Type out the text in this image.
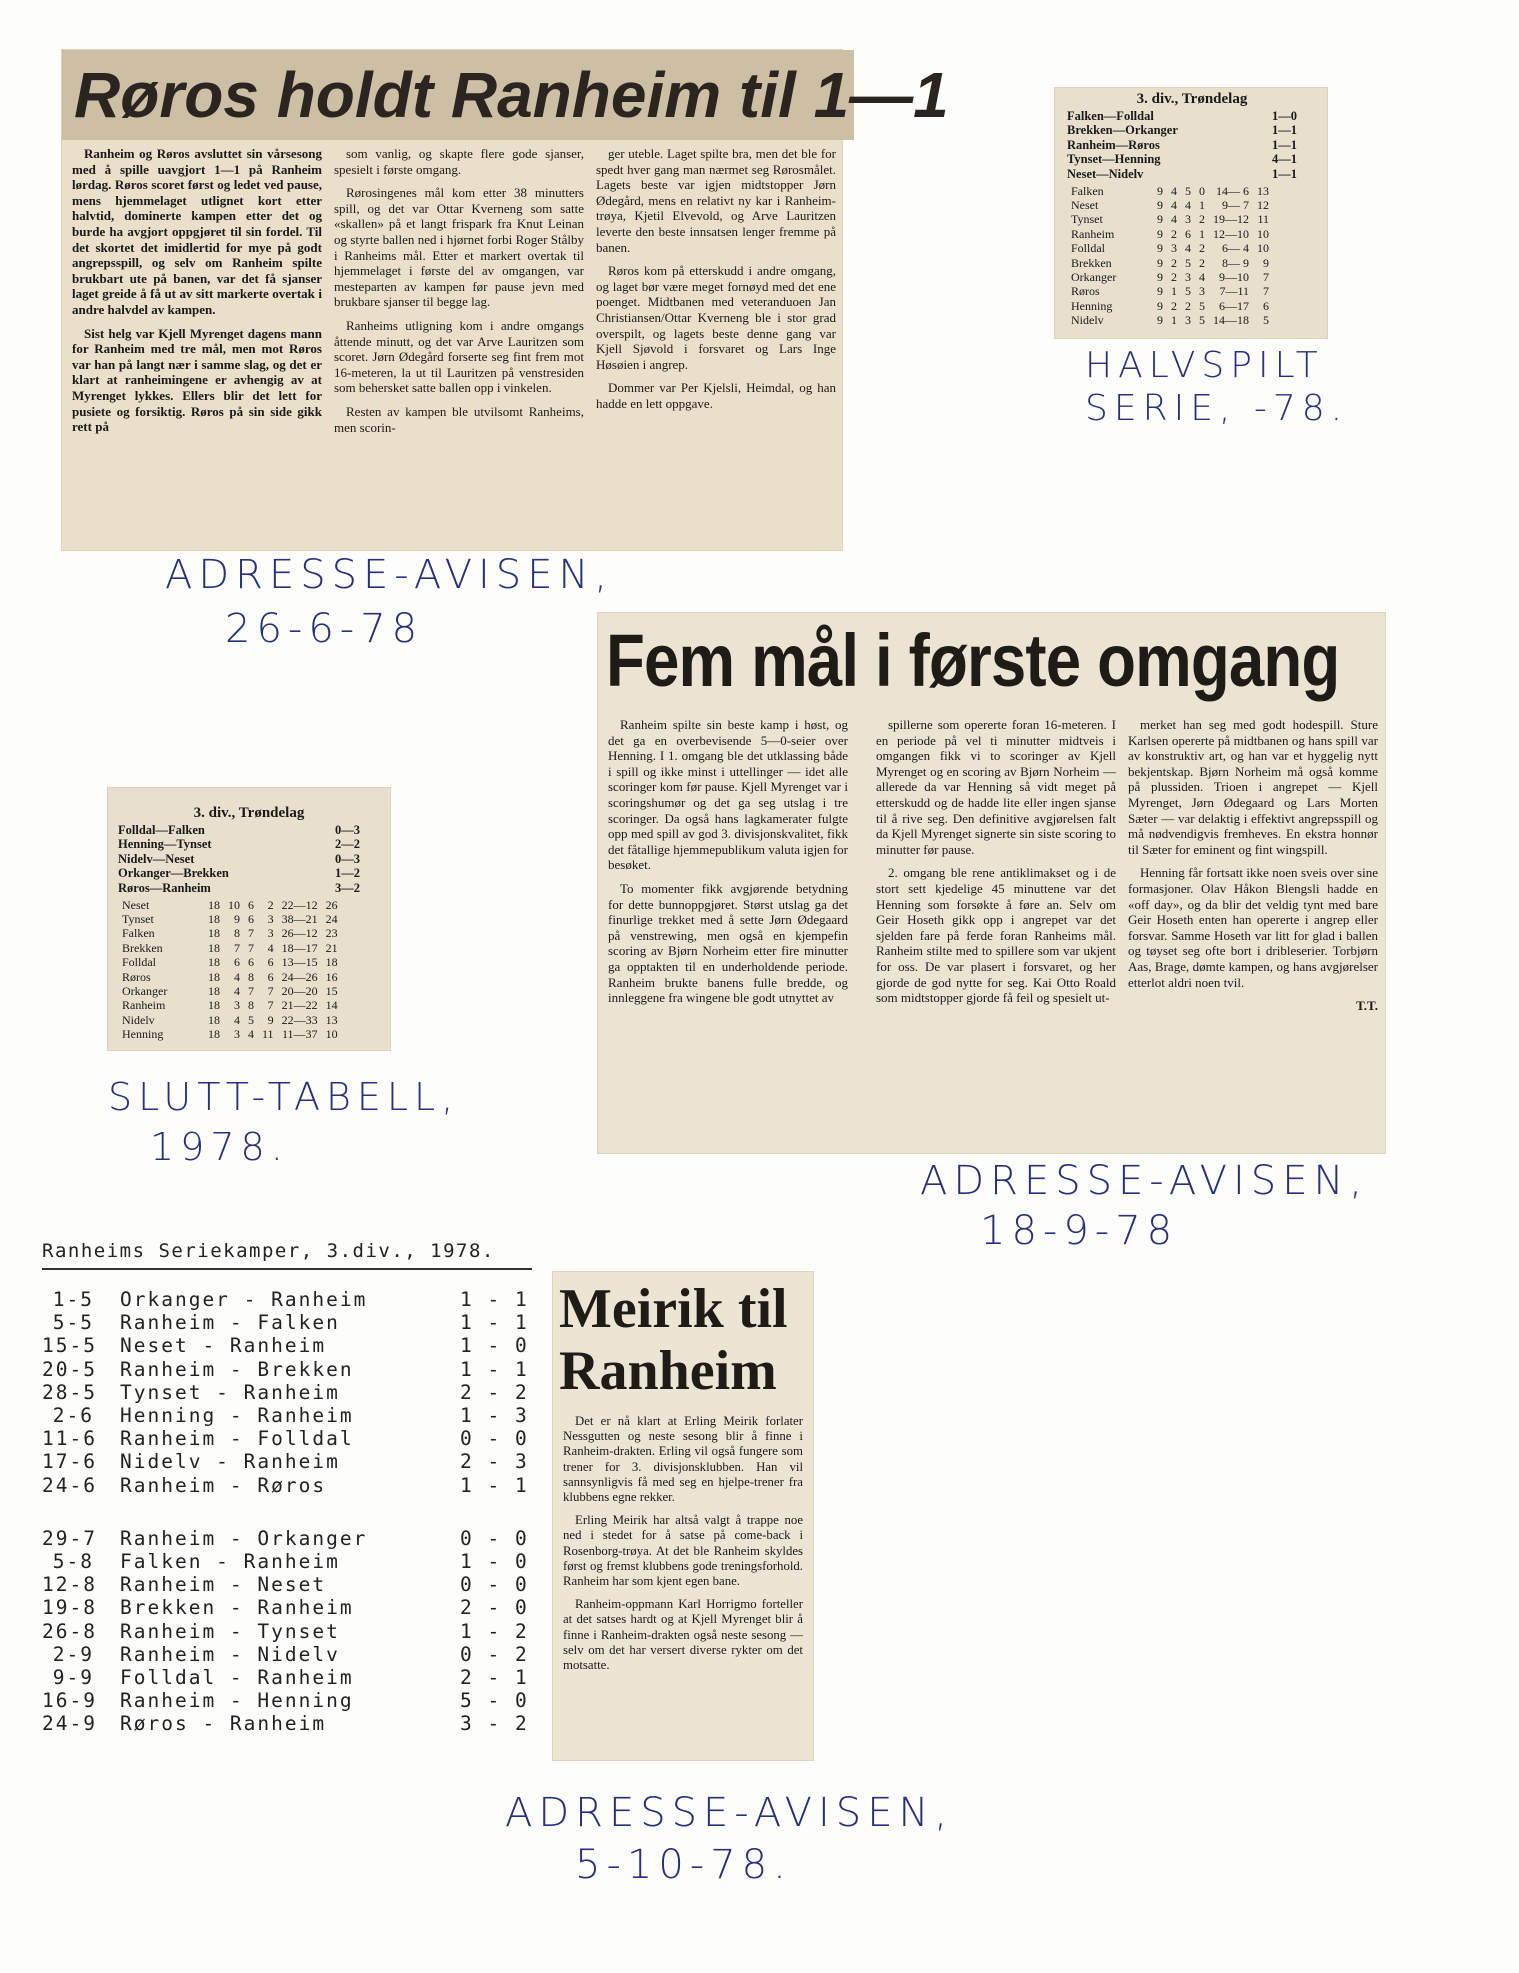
Røros holdt Ranheim til 1—1

Ranheim og Røros avsluttet sin vårsesong med å spille uavgjort 1—1 på Ranheim lørdag. Røros scoret først og ledet ved pause, mens hjemmelaget utlignet kort etter halvtid, dominerte kampen etter det og burde ha avgjort oppgjøret til sin fordel. Til det skortet det imidlertid for mye på godt angrepsspill, og selv om Ranheim spilte brukbart ute på banen, var det få sjanser laget greide å få ut av sitt markerte overtak i andre halvdel av kampen.

Sist helg var Kjell Myrenget dagens mann for Ranheim med tre mål, men mot Røros var han på langt nær i samme slag, og det er klart at ranheimingene er avhengig av at Myrenget lykkes. Ellers blir det lett for pusiete og forsiktig. Røros på sin side gikk rett på

som vanlig, og skapte flere gode sjanser, spesielt i første omgang.

Rørosingenes mål kom etter 38 minutters spill, og det var Ottar Kverneng som satte «skallen» på et langt frispark fra Knut Leinan og styrte ballen ned i hjørnet forbi Roger Stålby i Ranheims mål. Etter et markert overtak til hjemmelaget i første del av omgangen, var mesteparten av kampen før pause jevn med brukbare sjanser til begge lag.

Ranheims utligning kom i andre omgangs åttende minutt, og det var Arve Lauritzen som scoret. Jørn Ødegård forserte seg fint frem mot 16-meteren, la ut til Lauritzen på venstresiden som behersket satte ballen opp i vinkelen.

Resten av kampen ble utvilsomt Ranheims, men scorin-

ger uteble. Laget spilte bra, men det ble for spedt hver gang man nærmet seg Rørosmålet. Lagets beste var igjen midtstopper Jørn Ødegård, mens en relativt ny kar i Ranheim-trøya, Kjetil Elvevold, og Arve Lauritzen leverte den beste innsatsen lenger fremme på banen.

Røros kom på etterskudd i andre omgang, og laget bør være meget fornøyd med det ene poenget. Midtbanen med veteranduoen Jan Christiansen/Ottar Kverneng ble i stor grad overspilt, og lagets beste denne gang var Kjell Sjøvold i forsvaret og Lars Inge Høsøien i angrep.

Dommer var Per Kjelsli, Heimdal, og han hadde en lett oppgave.

ADRESSE-AVISEN,
26-6-78
3. div., Trøndelag
Falken—Folldal	1—0
Brekken—Orkanger	1—1
Ranheim—Røros	1—1
Tynset—Henning	4—1
Neset—Nidelv	1—1
Falken	9	4	5	0	14— 6	13
Neset	9	4	4	1	9— 7	12
Tynset	9	4	3	2	19—12	11
Ranheim	9	2	6	1	12—10	10
Folldal	9	3	4	2	6— 4	10
Brekken	9	2	5	2	8— 9	9
Orkanger	9	2	3	4	9—10	7
Røros	9	1	5	3	7—11	7
Henning	9	2	2	5	6—17	6
Nidelv	9	1	3	5	14—18	5
HALVSPILT
SERIE, -78.
Fem mål i første omgang

Ranheim spilte sin beste kamp i høst, og det ga en overbevisende 5—0-seier over Henning. I 1. omgang ble det utklassing både i spill og ikke minst i uttellinger — idet alle scoringer kom før pause. Kjell Myrenget var i scoringshumør og det ga seg utslag i tre scoringer. Da også hans lagkamerater fulgte opp med spill av god 3. divisjonskvalitet, fikk det fåtallige hjemmepublikum valuta igjen for besøket.

To momenter fikk avgjørende betydning for dette bunnoppgjøret. Størst utslag ga det finurlige trekket med å sette Jørn Ødegaard på venstrewing, men også en kjempefin scoring av Bjørn Norheim etter fire minutter ga opptakten til en underholdende periode. Ranheim brukte banens fulle bredde, og innleggene fra wingene ble godt utnyttet av

spillerne som opererte foran 16-meteren. I en periode på vel ti minutter midtveis i omgangen fikk vi to scoringer av Kjell Myrenget og en scoring av Bjørn Norheim — allerede da var Henning så vidt meget på etterskudd og de hadde lite eller ingen sjanse til å rive seg. Den definitive avgjørelsen falt da Kjell Myrenget signerte sin siste scoring to minutter før pause.

2. omgang ble rene antiklimakset og i de stort sett kjedelige 45 minuttene var det Henning som forsøkte å føre an. Selv om Geir Hoseth gikk opp i angrepet var det sjelden fare på ferde foran Ranheims mål. Ranheim stilte med to spillere som var ukjent for oss. De var plasert i forsvaret, og her gjorde de god nytte for seg. Kai Otto Roald som midtstopper gjorde få feil og spesielt ut-

merket han seg med godt hodespill. Sture Karlsen opererte på midtbanen og hans spill var av konstruktiv art, og han var et hyggelig nytt bekjentskap. Bjørn Norheim må også komme på plussiden. Trioen i angrepet — Kjell Myrenget, Jørn Ødegaard og Lars Morten Sæter — var delaktig i effektivt angrepsspill og må nødvendigvis fremheves. En ekstra honnør til Sæter for eminent og fint wingspill.

Henning får fortsatt ikke noen sveis over sine formasjoner. Olav Håkon Blengsli hadde en «off day», og da blir det veldig tynt med bare Geir Hoseth enten han opererte i angrep eller forsvar. Samme Hoseth var litt for glad i ballen og tøyset seg ofte bort i dribleserier. Torbjørn Aas, Brage, dømte kampen, og hans avgjørelser etterlot aldri noen tvil.

T.T.
ADRESSE-AVISEN,
18-9-78
3. div., Trøndelag
Folldal—Falken	0—3
Henning—Tynset	2—2
Nidelv—Neset	0—3
Orkanger—Brekken	1—2
Røros—Ranheim	3—2
Neset	18	10	6	2	22—12	26
Tynset	18	9	6	3	38—21	24
Falken	18	8	7	3	26—12	23
Brekken	18	7	7	4	18—17	21
Folldal	18	6	6	6	13—15	18
Røros	18	4	8	6	24—26	16
Orkanger	18	4	7	7	20—20	15
Ranheim	18	3	8	7	21—22	14
Nidelv	18	4	5	9	22—33	13
Henning	18	3	4	11	11—37	10
SLUTT-TABELL,
1978.
Ranheims Seriekamper, 3.div., 1978.
1-5 Orkanger - Ranheim	1 - 1
5-5 Ranheim - Falken	1 - 1
15-5 Neset - Ranheim	1 - 0
20-5 Ranheim - Brekken	1 - 1
28-5 Tynset - Ranheim	2 - 2
2-6 Henning - Ranheim	1 - 3
11-6 Ranheim - Folldal	0 - 0
17-6 Nidelv - Ranheim	2 - 3
24-6 Ranheim - Røros	1 - 1
29-7 Ranheim - Orkanger	0 - 0
5-8 Falken - Ranheim	1 - 0
12-8 Ranheim - Neset	0 - 0
19-8 Brekken - Ranheim	2 - 0
26-8 Ranheim - Tynset	1 - 2
2-9 Ranheim - Nidelv	0 - 2
9-9 Folldal - Ranheim	2 - 1
16-9 Ranheim - Henning	5 - 0
24-9 Røros - Ranheim	3 - 2
Meirik til
Ranheim

Det er nå klart at Erling Meirik forlater Nessgutten og neste sesong blir å finne i Ranheim-drakten. Erling vil også fungere som trener for 3. divisjonsklubben. Han vil sannsynligvis få med seg en hjelpe-trener fra klubbens egne rekker.

Erling Meirik har altså valgt å trappe noe ned i stedet for å satse på come-back i Rosenborg-trøya. At det ble Ranheim skyldes først og fremst klubbens gode treningsforhold. Ranheim har som kjent egen bane.

Ranheim-oppmann Karl Horrigmo forteller at det satses hardt og at Kjell Myrenget blir å finne i Ranheim-drakten også neste sesong — selv om det har versert diverse rykter om det motsatte.

ADRESSE-AVISEN,
5-10-78.
